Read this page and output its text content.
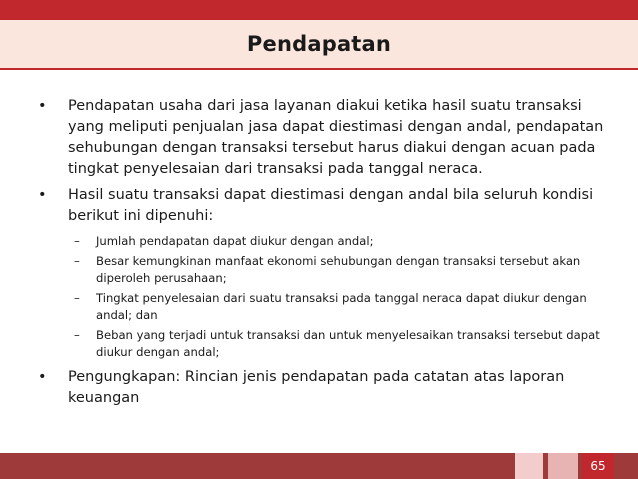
Pendapatan
• Pendapatan usaha dari jasa layanan diakui ketika hasil suatu transaksi yang meliputi penjualan jasa dapat diestimasi dengan andal, pendapatan sehubungan dengan transaksi tersebut harus diakui dengan acuan pada tingkat penyelesaian dari transaksi pada tanggal neraca.
• Hasil suatu transaksi dapat diestimasi dengan andal bila seluruh kondisi berikut ini dipenuhi:
– Jumlah pendapatan dapat diukur dengan andal;
– Besar kemungkinan manfaat ekonomi sehubungan dengan transaksi tersebut akan diperoleh perusahaan;
– Tingkat penyelesaian dari suatu transaksi pada tanggal neraca dapat diukur dengan andal; dan
– Beban yang terjadi untuk transaksi dan untuk menyelesaikan transaksi tersebut dapat diukur dengan andal;
• Pengungkapan: Rincian jenis pendapatan pada catatan atas laporan keuangan
65
